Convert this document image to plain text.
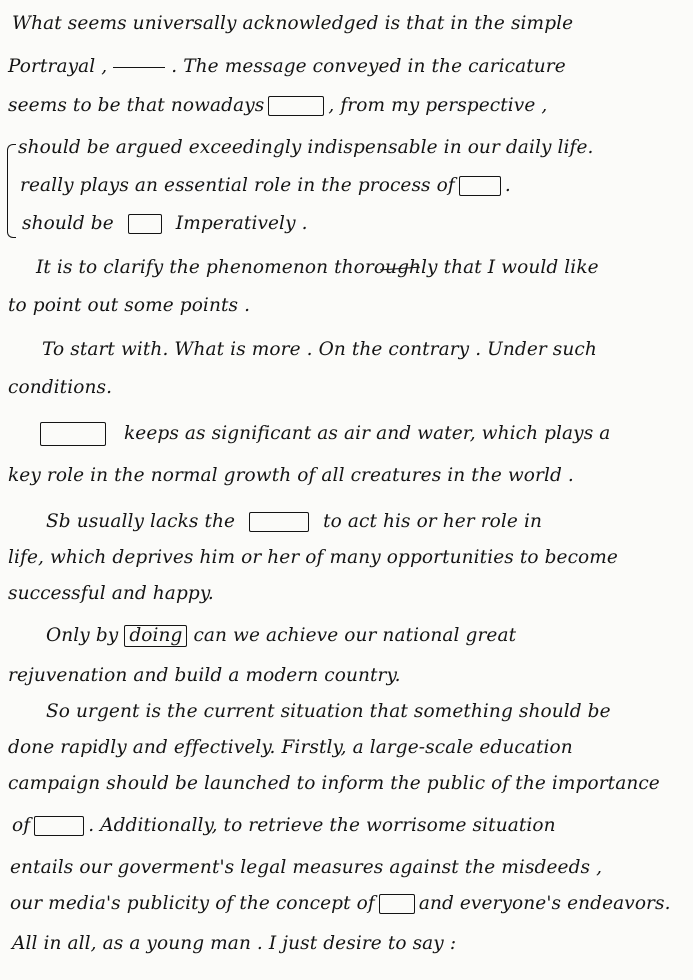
What seems universally acknowledged is that in the simple
Portrayal ,	. The message conveyed in the caricature
seems to be that nowadays	, from my perspective ,
should be argued exceedingly indispensable in our daily life.
really plays an essential role in the process of	.
should be	Imperatively .
It is to clarify the phenomenon thoroughly that I would like
to point out some points .
To start with. What is more . On the contrary . Under such
conditions.
keeps as significant as air and water, which plays a
key role in the normal growth of all creatures in the world .
Sb usually lacks the	to act his or her role in
life, which deprives him or her of many opportunities to become
successful and happy.
Only by doing can we achieve our national great
rejuvenation and build a modern country.
So urgent is the current situation that something should be
done rapidly and effectively. Firstly, a large-scale education
campaign should be launched to inform the public of the importance
of	. Additionally, to retrieve the worrisome situation
entails our goverment's legal measures against the misdeeds ,
our media's publicity of the concept of and everyone's endeavors.
All in all, as a young man . I just desire to say :
